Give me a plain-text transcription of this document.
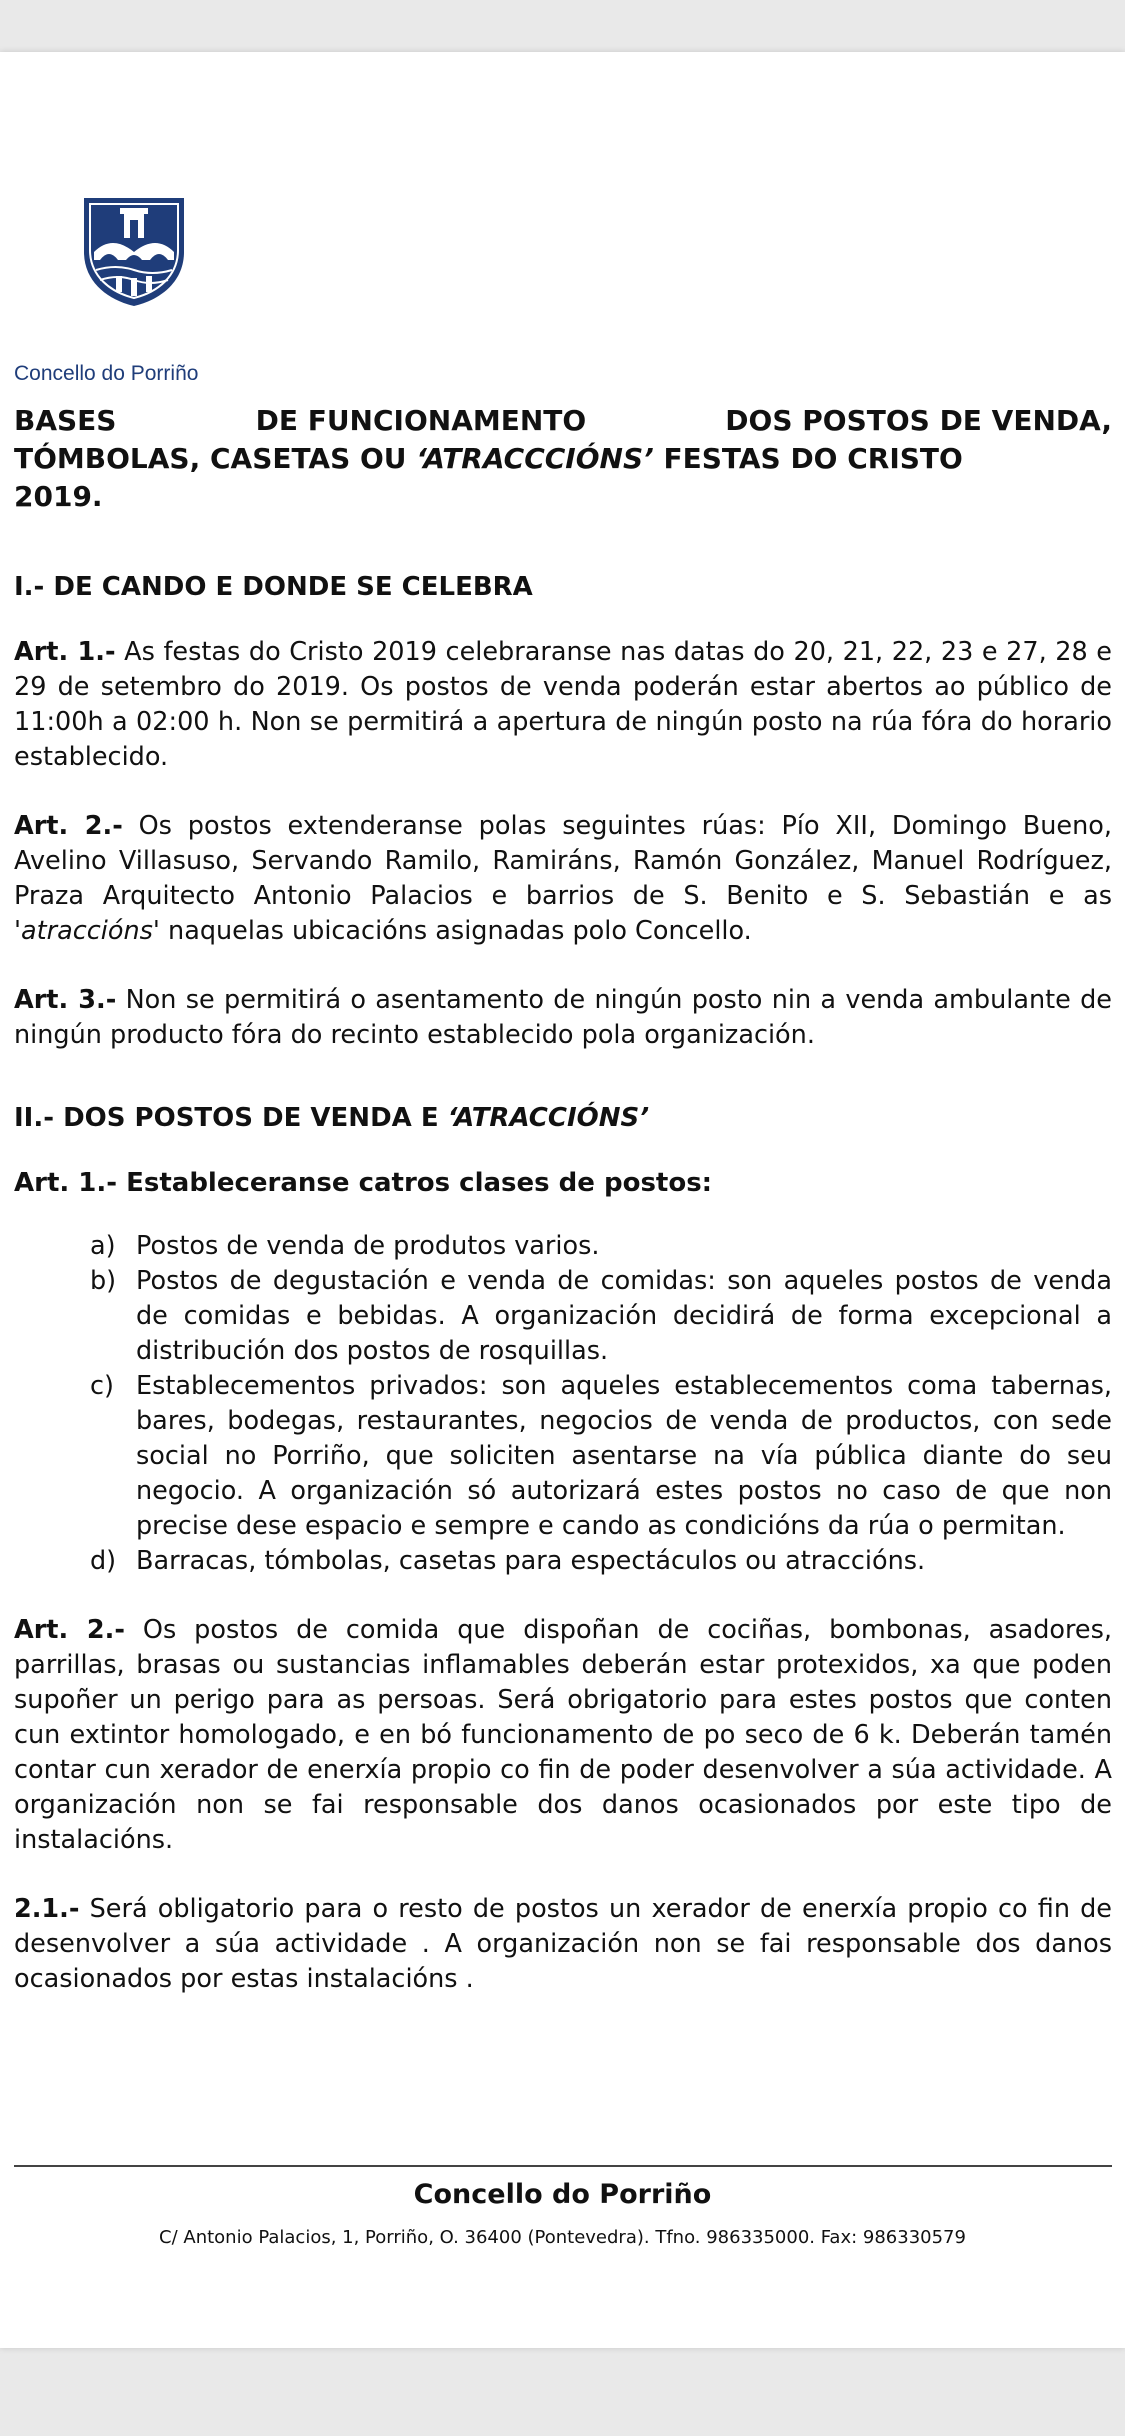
Concello do Porriño
BASES	DE FUNCIONAMENTO	DOS POSTOS DE VENDA,
TÓMBOLAS, CASETAS OU ‘ATRACCCIÓNS’ FESTAS DO CRISTO
2019.
I.- DE CANDO E DONDE SE CELEBRA

Art. 1.- As festas do Cristo 2019 celebraranse nas datas do 20, 21, 22, 23 e 27, 28 e 29 de setembro do 2019. Os postos de venda poderán estar abertos ao público de 11:00h a 02:00 h. Non se permitirá a apertura de ningún posto na rúa fóra do horario establecido.

Art. 2.- Os postos extenderanse polas seguintes rúas: Pío XII, Domingo Bueno, Avelino Villasuso, Servando Ramilo, Ramiráns, Ramón González, Manuel Rodríguez, Praza Arquitecto Antonio Palacios e barrios de S. Benito e S. Sebastián e as 'atraccións' naquelas ubicacións asignadas polo Concello.

Art. 3.- Non se permitirá o asentamento de ningún posto nin a venda ambulante de ningún producto fóra do recinto establecido pola organización.

II.- DOS POSTOS DE VENDA E ‘ATRACCIÓNS’
Art. 1.- Estableceranse catros clases de postos:
a) Postos de venda de produtos varios.
b) Postos de degustación e venda de comidas: son aqueles postos de venda de comidas e bebidas. A organización decidirá de forma excepcional a distribución dos postos de rosquillas.
c) Establecementos privados: son aqueles establecementos coma tabernas, bares, bodegas, restaurantes, negocios de venda de productos, con sede social no Porriño, que soliciten asentarse na vía pública diante do seu negocio. A organización só autorizará estes postos no caso de que non precise dese espacio e sempre e cando as condicións da rúa o permitan.
d) Barracas, tómbolas, casetas para espectáculos ou atraccións.

Art. 2.- Os postos de comida que dispoñan de cociñas, bombonas, asadores, parrillas, brasas ou sustancias inflamables deberán estar protexidos, xa que poden supoñer un perigo para as persoas. Será obrigatorio para estes postos que conten cun extintor homologado, e en bó funcionamento de po seco de 6 k. Deberán tamén contar cun xerador de enerxía propio co fin de poder desenvolver a súa actividade. A organización non se fai responsable dos danos ocasionados por este tipo de instalacións.

2.1.- Será obligatorio para o resto de postos un xerador de enerxía propio co fin de desenvolver a súa actividade . A organización non se fai responsable dos danos ocasionados por estas instalacións .

Concello do Porriño
C/ Antonio Palacios, 1, Porriño, O. 36400 (Pontevedra). Tfno. 986335000. Fax: 986330579
